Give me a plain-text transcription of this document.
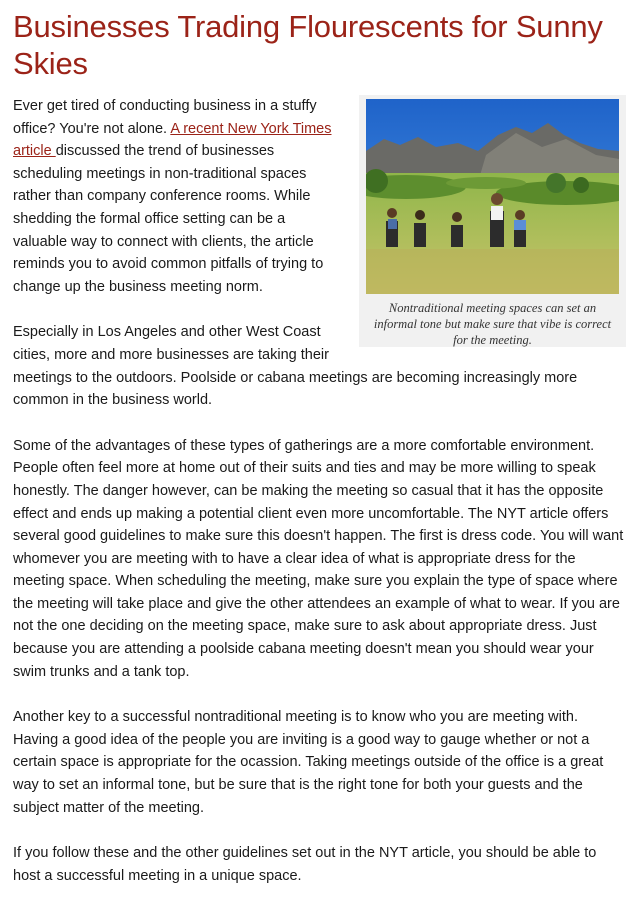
Businesses Trading Flourescents for Sunny Skies
Nontraditional meeting spaces can set an informal tone but make sure that vibe is correct for the meeting.

Ever get tired of conducting business in a stuffy office? You're not alone. A recent New York Times article discussed the trend of businesses scheduling meetings in non-traditional spaces rather than company conference rooms. While shedding the formal office setting can be a valuable way to connect with clients, the article reminds you to avoid common pitfalls of trying to change up the business meeting norm.

Especially in Los Angeles and other West Coast cities, more and more businesses are taking their meetings to the outdoors. Poolside or cabana meetings are becoming increasingly more common in the business world.

Some of the advantages of these types of gatherings are a more comfortable environment. People often feel more at home out of their suits and ties and may be more willing to speak honestly. The danger however, can be making the meeting so casual that it has the opposite effect and ends up making a potential client even more uncomfortable. The NYT article offers several good guidelines to make sure this doesn't happen. The first is dress code. You will want whomever you are meeting with to have a clear idea of what is appropriate dress for the meeting space. When scheduling the meeting, make sure you explain the type of space where the meeting will take place and give the other attendees an example of what to wear. If you are not the one deciding on the meeting space, make sure to ask about appropriate dress. Just because you are attending a poolside cabana meeting doesn't mean you should wear your swim trunks and a tank top.

Another key to a successful nontraditional meeting is to know who you are meeting with. Having a good idea of the people you are inviting is a good way to gauge whether or not a certain space is appropriate for the ocassion. Taking meetings outside of the office is a great way to set an informal tone, but be sure that is the right tone for both your guests and the subject matter of the meeting.

If you follow these and the other guidelines set out in the NYT article, you should be able to host a successful meeting in a unique space.
